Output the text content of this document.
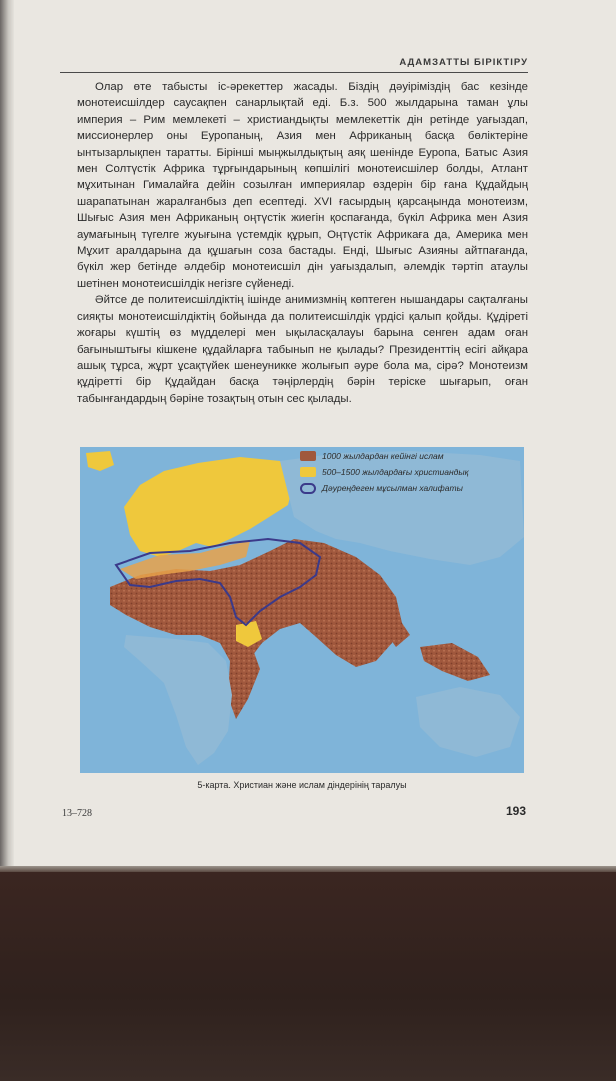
АДАМЗАТТЫ БІРІКТІРУ

Олар өте табысты іс-әрекеттер жасады. Біздің дәуіріміздің бас кезінде монотеисшілдер саусақпен санарлықтай еді. Б.з. 500 жылдарына таман ұлы империя – Рим мемлекеті – христиандықты мемлекеттік дін ретінде уағыздап, миссионерлер оны Еуропаның, Азия мен Африканың басқа бөліктеріне ынтызарлықпен таратты. Бірінші мыңжылдықтың аяқ шенінде Еуропа, Батыс Азия мен Солтүстік Африка тұрғындарының көпшілігі монотеисшілер болды, Атлант мұхитынан Гималайға дейін созылған империялар өздерін бір ғана Құдайдың шарапатынан жаралғанбыз деп есептеді. XVI ғасырдың қарсаңында монотеизм, Шығыс Азия мен Африканың оңтүстік жиегін қоспағанда, бүкіл Африка мен Азия аумағының түгелге жуығына үстемдік құрып, Оңтүстік Африкаға да, Америка мен Мұхит аралдарына да құшағын соза бастады. Енді, Шығыс Азияны айтпағанда, бүкіл жер бетінде әлдебір монотеисшіл дін уағыздалып, әлемдік тәртіп атаулы шетінен монотеисшілдік негізге сүйенеді.

Әйтсе де политеисшілдіктің ішінде анимизмнің көптеген нышандары сақталғаны сияқты монотеисшілдіктің бойында да политеисшілдік үрдісі қалып қойды. Құдіреті жоғары күштің өз мүдделері мен ықыласқалауы барына сенген адам оған бағыныштығы кішкене құдайларға табынып не қылады? Президенттің есігі айқара ашық тұрса, жұрт ұсақтүйек шенеуникке жолығып әуре бола ма, сірә? Монотеизм құдіретті бір Құдайдан басқа тәңірлердің бәрін теріске шығарып, оған табынғандардың бәріне тозақтың отын сес қылады.

1000 жылдардан кейінгі ислам
500–1500 жылдардағы христиандық
Дәуреңдеген мұсылман халифаты
5-карта. Христиан және ислам діндерінің таралуы
13–728	193
